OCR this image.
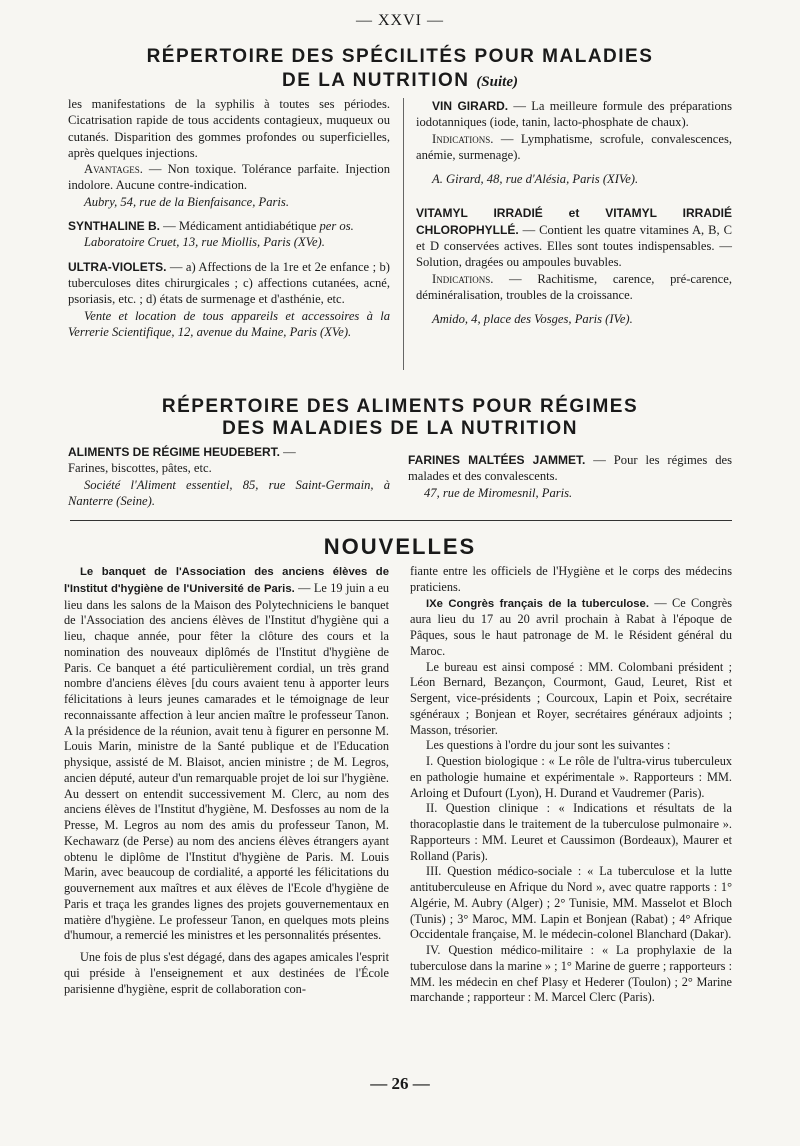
— XXVI —
RÉPERTOIRE DES SPÉCILITÉS POUR MALADIES
DE LA NUTRITION (Suite)

les manifestations de la syphilis à toutes ses périodes. Cicatrisation rapide de tous accidents contagieux, muqueux ou cutanés. Disparition des gommes profondes ou superficielles, après quelques injections.

Avantages. — Non toxique. Tolérance parfaite. Injection indolore. Aucune contre-indication.

Aubry, 54, rue de la Bienfaisance, Paris.

SYNTHALINE B. — Médicament antidiabétique per os.

Laboratoire Cruet, 13, rue Miollis, Paris (XVe).

ULTRA-VIOLETS. — a) Affections de la 1re et 2e enfance ; b) tuberculoses dites chirurgicales ; c) affections cutanées, acné, psoriasis, etc. ; d) états de surmenage et d'asthénie, etc.

Vente et location de tous appareils et accessoires à la Verrerie Scientifique, 12, avenue du Maine, Paris (XVe).

VIN GIRARD. — La meilleure formule des préparations iodotanniques (iode, tanin, lacto-phosphate de chaux).

Indications. — Lymphatisme, scrofule, convalescences, anémie, surmenage).

A. Girard, 48, rue d'Alésia, Paris (XIVe).

VITAMYL IRRADIÉ et VITAMYL IRRADIÉ CHLOROPHYLLÉ. — Contient les quatre vitamines A, B, C et D conservées actives. Elles sont toutes indispensables. — Solution, dragées ou ampoules buvables.

Indications. — Rachitisme, carence, pré-carence, déminéralisation, troubles de la croissance.

Amido, 4, place des Vosges, Paris (IVe).

RÉPERTOIRE DES ALIMENTS POUR RÉGIMES
DES MALADIES DE LA NUTRITION

ALIMENTS DE RÉGIME HEUDEBERT. —

Farines, biscottes, pâtes, etc.

Société l'Aliment essentiel, 85, rue Saint-Germain, à Nanterre (Seine).

FARINES MALTÉES JAMMET. — Pour les régimes des malades et des convalescents.

47, rue de Miromesnil, Paris.

NOUVELLES

Le banquet de l'Association des anciens élèves de l'Institut d'hygiène de l'Université de Paris. — Le 19 juin a eu lieu dans les salons de la Maison des Polytechniciens le banquet de l'Association des anciens élèves de l'Institut d'hygiène qui a lieu, chaque année, pour fêter la clôture des cours et la nomination des nouveaux diplômés de l'Institut d'hygiène de Paris. Ce banquet a été particulièrement cordial, un très grand nombre d'anciens élèves [du cours avaient tenu à apporter leurs félicitations à leurs jeunes camarades et le témoignage de leur reconnaissante affection à leur ancien maître le professeur Tanon. A la présidence de la réunion, avait tenu à figurer en personne M. Louis Marin, ministre de la Santé publique et de l'Education physique, assisté de M. Blaisot, ancien ministre ; de M. Legros, ancien député, auteur d'un remarquable projet de loi sur l'hygiène. Au dessert on entendit successivement M. Clerc, au nom des anciens élèves de l'Institut d'hygiène, M. Desfosses au nom de la Presse, M. Legros au nom des amis du professeur Tanon, M. Kechawarz (de Perse) au nom des anciens élèves étrangers ayant obtenu le diplôme de l'Institut d'hygiène de Paris. M. Louis Marin, avec beaucoup de cordialité, a apporté les félicitations du gouvernement aux maîtres et aux élèves de l'Ecole d'hygiène de Paris et traça les grandes lignes des projets gouvernementaux en matière d'hygiène. Le professeur Tanon, en quelques mots pleins d'humour, a remercié les ministres et les personnalités présentes.

Une fois de plus s'est dégagé, dans des agapes amicales l'esprit qui préside à l'enseignement et aux destinées de l'École parisienne d'hygiène, esprit de collaboration con-

fiante entre les officiels de l'Hygiène et le corps des médecins praticiens.

IXe Congrès français de la tuberculose. — Ce Congrès aura lieu du 17 au 20 avril prochain à Rabat à l'époque de Pâques, sous le haut patronage de M. le Résident général du Maroc.

Le bureau est ainsi composé : MM. Colombani président ; Léon Bernard, Bezançon, Courmont, Gaud, Leuret, Rist et Sergent, vice-présidents ; Courcoux, Lapin et Poix, secrétaire sgénéraux ; Bonjean et Royer, secrétaires généraux adjoints ; Masson, trésorier.

Les questions à l'ordre du jour sont les suivantes :

I. Question biologique : « Le rôle de l'ultra-virus tuberculeux en pathologie humaine et expérimentale ». Rapporteurs : MM. Arloing et Dufourt (Lyon), H. Durand et Vaudremer (Paris).

II. Question clinique : « Indications et résultats de la thoracoplastie dans le traitement de la tuberculose pulmonaire ». Rapporteurs : MM. Leuret et Caussimon (Bordeaux), Maurer et Rolland (Paris).

III. Question médico-sociale : « La tuberculose et la lutte antituberculeuse en Afrique du Nord », avec quatre rapports : 1° Algérie, M. Aubry (Alger) ; 2° Tunisie, MM. Masselot et Bloch (Tunis) ; 3° Maroc, MM. Lapin et Bonjean (Rabat) ; 4° Afrique Occidentale française, M. le médecin-colonel Blanchard (Dakar).

IV. Question médico-militaire : « La prophylaxie de la tuberculose dans la marine » ; 1° Marine de guerre ; rapporteurs : MM. les médecin en chef Plasy et Hederer (Toulon) ; 2° Marine marchande ; rapporteur : M. Marcel Clerc (Paris).

— 26 —
